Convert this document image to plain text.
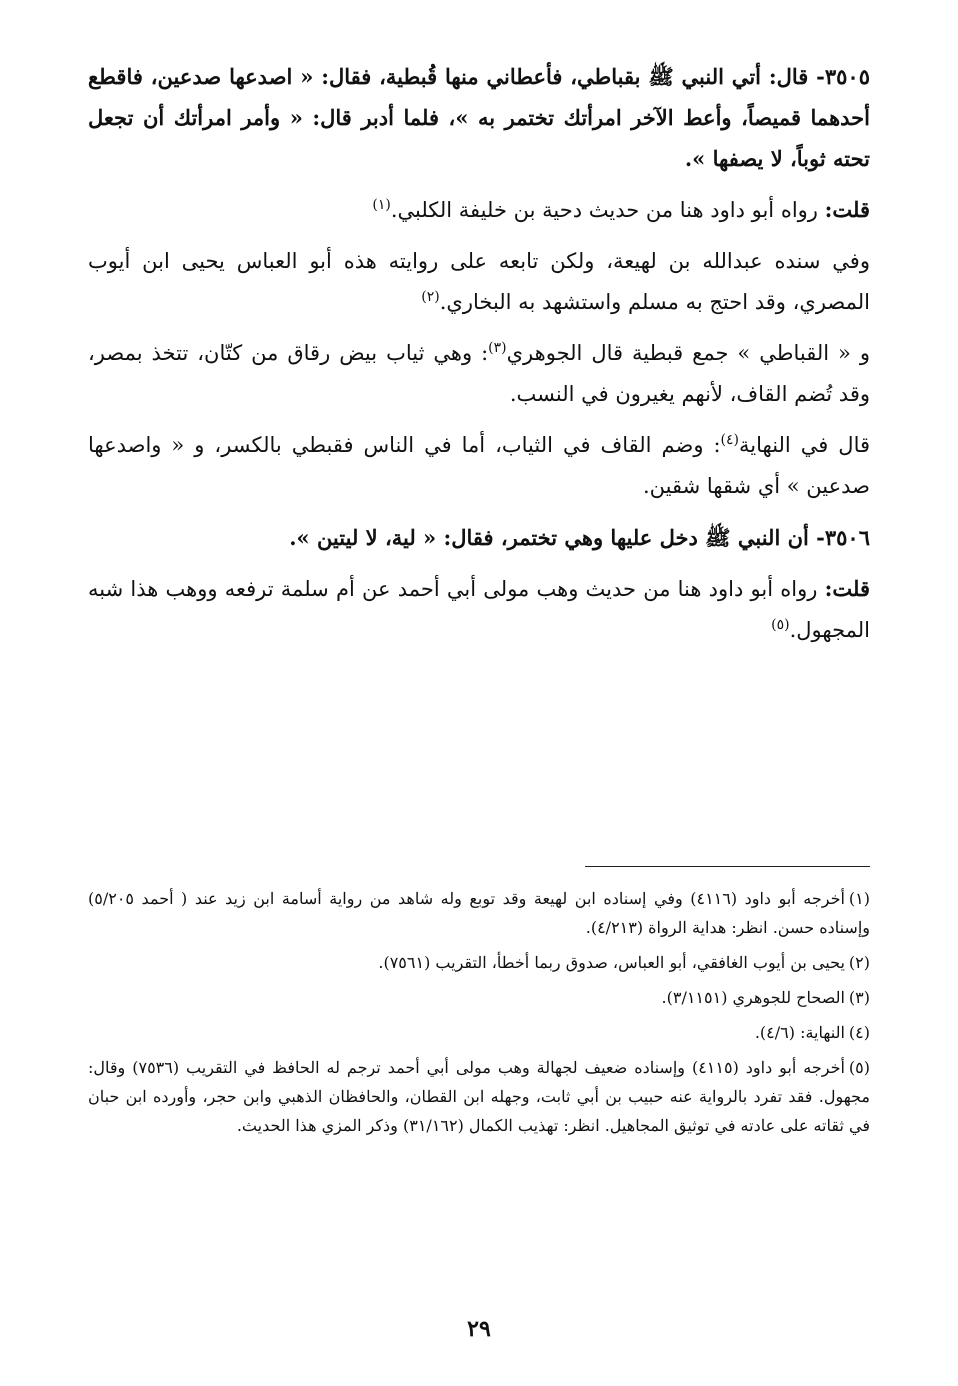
٣٥٠٥- قال: أتي النبي ﷺ بقباطي، فأعطاني منها قُبطية، فقال: « اصدعها صدعين، فاقطع أحدهما قميصاً، وأعط الآخر امرأتك تختمر به »، فلما أدبر قال: « وأمر امرأتك أن تجعل تحته ثوباً، لا يصفها ».

قلت: رواه أبو داود هنا من حديث دحية بن خليفة الكلبي.$^{(١)}$

وفي سنده عبدالله بن لهيعة، ولكن تابعه على روايته هذه أبو العباس يحيى ابن أيوب المصري، وقد احتج به مسلم واستشهد به البخاري.$^{(٢)}$

و « القباطي » جمع قبطية قال الجوهري$^{(٣)}$: وهي ثياب بيض رقاق من كتّان، تتخذ بمصر، وقد تُضم القاف، لأنهم يغيرون في النسب.

قال في النهاية$^{(٤)}$: وضم القاف في الثياب، أما في الناس فقبطي بالكسر، و « واصدعها صدعين » أي شقها شقين.

٣٥٠٦- أن النبي ﷺ دخل عليها وهي تختمر، فقال: « لية، لا ليتين ».

قلت: رواه أبو داود هنا من حديث وهب مولى أبي أحمد عن أم سلمة ترفعه ووهب هذا شبه المجهول.$^{(٥)}$

(١)أخرجه أبو داود (٤١١٦) وفي إسناده ابن لهيعة وقد توبع وله شاهد من رواية أسامة ابن زيد عند ( أحمد ٥/٢٠٥) وإسناده حسن. انظر: هداية الرواة (٤/٢١٣).

(٢)يحيى بن أيوب الغافقي، أبو العباس، صدوق ربما أخطأ، التقريب (٧٥٦١).

(٣)الصحاح للجوهري (٣/١١٥١).

(٤)النهاية: (٤/٦).

(٥)أخرجه أبو داود (٤١١٥) وإسناده ضعيف لجهالة وهب مولى أبي أحمد ترجم له الحافظ في التقريب (٧٥٣٦) وقال: مجهول. فقد تفرد بالرواية عنه حبيب بن أبي ثابت، وجهله ابن القطان، والحافظان الذهبي وابن حجر، وأورده ابن حبان في ثقاته على عادته في توثيق المجاهيل. انظر: تهذيب الكمال (٣١/١٦٢) وذكر المزي هذا الحديث.

٢٩
